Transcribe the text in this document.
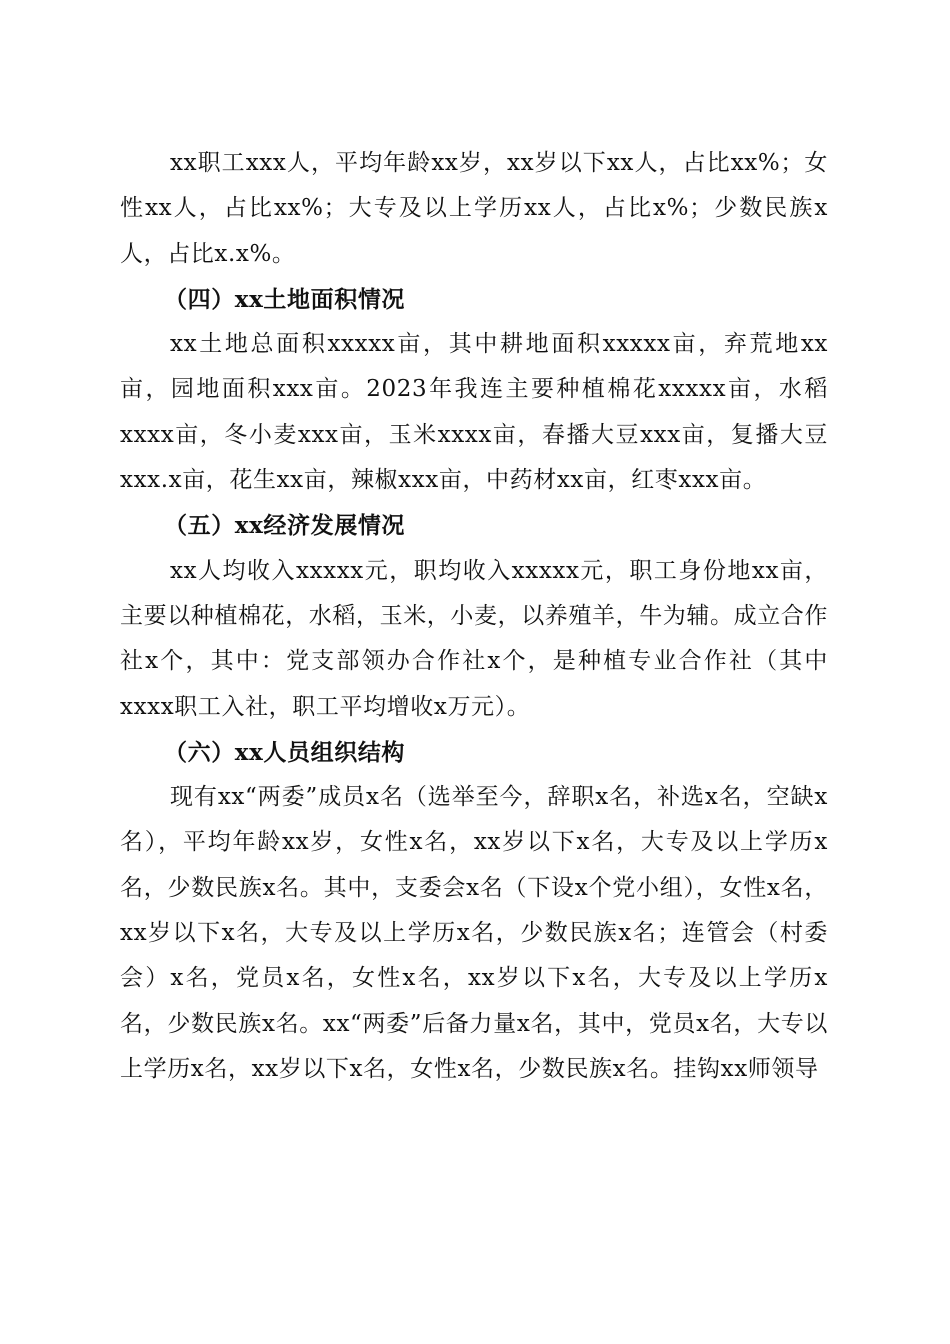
xx职工xxx人，平均年龄xx岁，xx岁以下xx人，占比xx%；女性xx人，占比xx%；大专及以上学历xx人，占比x%；少数民族x人，占比x.x%。

（四）xx土地面积情况

xx土地总面积xxxxx亩，其中耕地面积xxxxx亩，弃荒地xx亩，园地面积xxx亩。2023年我连主要种植棉花xxxxx亩，水稻xxxx亩，冬小麦xxx亩，玉米xxxx亩，春播大豆xxx亩，复播大豆xxx.x亩，花生xx亩，辣椒xxx亩，中药材xx亩，红枣xxx亩。

（五）xx经济发展情况

xx人均收入xxxxx元，职均收入xxxxx元，职工身份地xx亩，主要以种植棉花，水稻，玉米，小麦，以养殖羊，牛为辅。成立合作社x个，其中：党支部领办合作社x个，是种植专业合作社（其中xxxx职工入社，职工平均增收x万元）。

（六）xx人员组织结构

现有xx“两委”成员x名（选举至今，辞职x名，补选x名，空缺x名），平均年龄xx岁，女性x名，xx岁以下x名，大专及以上学历x名，少数民族x名。其中，支委会x名（下设x个党小组），女性x名，xx岁以下x名，大专及以上学历x名，少数民族x名；连管会（村委会）x名，党员x名，女性x名，xx岁以下x名，大专及以上学历x名，少数民族x名。xx“两委”后备力量x名，其中，党员x名，大专以上学历x名，xx岁以下x名，女性x名，少数民族x名。挂钩xx师领导
